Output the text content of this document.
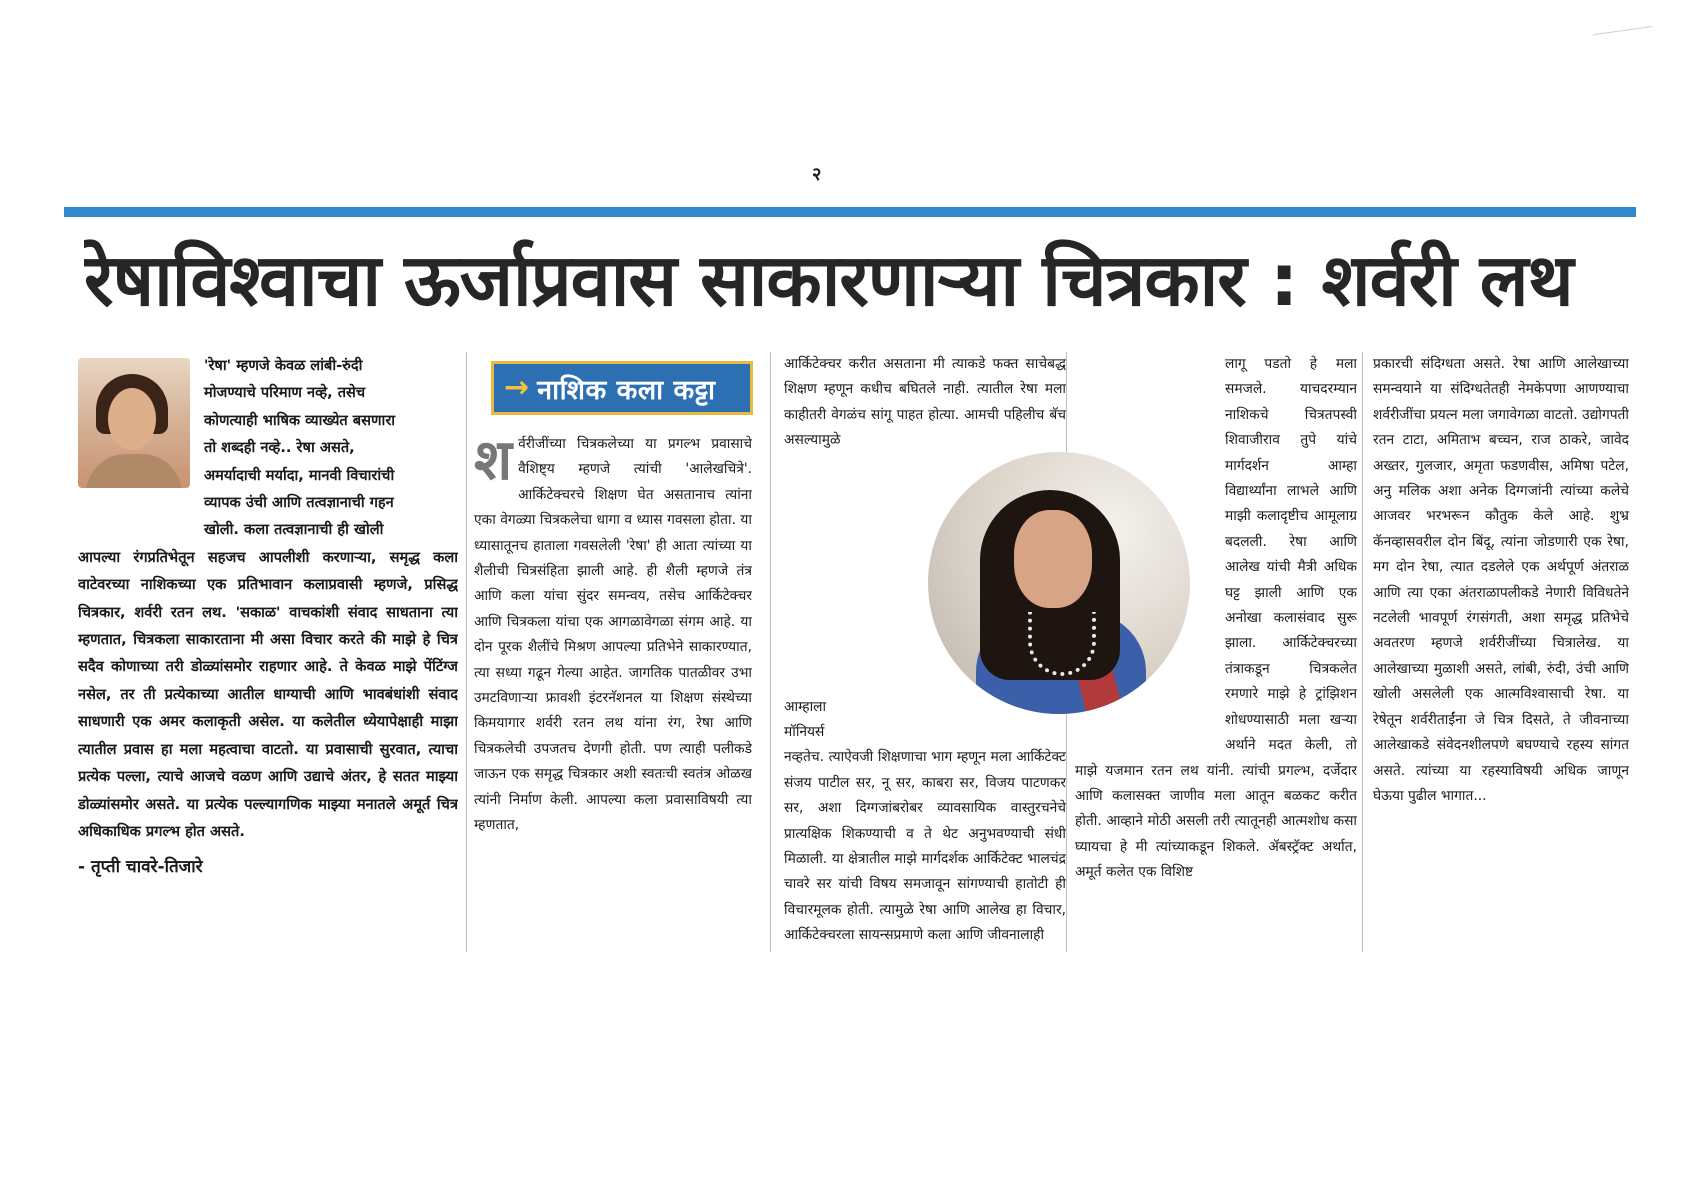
२
रेषाविश्वाचा ऊर्जाप्रवास साकारणाऱ्या चित्रकार : शर्वरी लथ
'रेषा' म्हणजे केवळ लांबी-रुंदी
मोजण्याचे परिमाण नव्हे, तसेच
कोणत्याही भाषिक व्याख्येत बसणारा
तो शब्दही नव्हे.. रेषा असते,
अमर्यादाची मर्यादा, मानवी विचारांची
व्यापक उंची आणि तत्वज्ञानाची गहन
खोली. कला तत्वज्ञानाची ही खोली

आपल्या रंगप्रतिभेतून सहजच आपलीशी करणाऱ्या, समृद्ध कला वाटेवरच्या नाशिकच्या एक प्रतिभावान कलाप्रवासी म्हणजे, प्रसिद्ध चित्रकार, शर्वरी रतन लथ. 'सकाळ' वाचकांशी संवाद साधताना त्या म्हणतात, चित्रकला साकारताना मी असा विचार करते की माझे हे चित्र सदैव कोणाच्या तरी डोळ्यांसमोर राहणार आहे. ते केवळ माझे पेंटिंग्ज नसेल, तर ती प्रत्येकाच्या आतील धाग्याची आणि भावबंधांशी संवाद साधणारी एक अमर कलाकृती असेल. या कलेतील ध्येयापेक्षाही माझा त्यातील प्रवास हा मला महत्वाचा वाटतो. या प्रवासाची सुरवात, त्याचा प्रत्येक पल्ला, त्याचे आजचे वळण आणि उद्याचे अंतर, हे सतत माझ्या डोळ्यांसमोर असते. या प्रत्येक पल्ल्यागणिक माझ्या मनातले अमूर्त चित्र अधिकाधिक प्रगल्भ होत असते.

- तृप्ती चावरे-तिजारे
→ नाशिक कला कट्टा

शर्वरीजींच्या चित्रकलेच्या या प्रगल्भ प्रवासाचे वैशिष्ट्य म्हणजे त्यांची 'आलेखचित्रे'. आर्किटेक्चरचे शिक्षण घेत असतानाच त्यांना एका वेगळ्या चित्रकलेचा धागा व ध्यास गवसला होता. या ध्यासातूनच हाताला गवसलेली 'रेषा' ही आता त्यांच्या या शैलीची चित्रसंहिता झाली आहे. ही शैली म्हणजे तंत्र आणि कला यांचा सुंदर समन्वय, तसेच आर्किटेक्चर आणि चित्रकला यांचा एक आगळावेगळा संगम आहे. या दोन पूरक शैलींचे मिश्रण आपल्या प्रतिभेने साकारण्यात, त्या सध्या गढून गेल्या आहेत. जागतिक पातळीवर उभा उमटविणाऱ्या फ्रावशी इंटरनॅशनल या शिक्षण संस्थेच्या किमयागार शर्वरी रतन लथ यांना रंग, रेषा आणि चित्रकलेची उपजतच देणगी होती. पण त्याही पलीकडे जाऊन एक समृद्ध चित्रकार अशी स्वतःची स्वतंत्र ओळख त्यांनी निर्माण केली. आपल्या कला प्रवासाविषयी त्या म्हणतात,

आर्किटेक्चर करीत असताना मी त्याकडे फक्त साचेबद्ध शिक्षण म्हणून कधीच बघितले नाही. त्यातील रेषा मला काहीतरी वेगळंच सांगू पाहत होत्या. आमची पहिलीच बॅच असल्यामुळे आम्हाला मॉनियर्स नव्हतेच. त्याऐवजी शिक्षणाचा भाग म्हणून मला आर्किटेक्ट संजय पाटील सर, नू सर, काबरा सर, विजय पाटणकर सर, अशा दिग्गजांबरोबर व्यावसायिक वास्तुरचनेचे प्रात्यक्षिक शिकण्याची व ते थेट अनुभवण्याची संधी मिळाली. या क्षेत्रातील माझे मार्गदर्शक आर्किटेक्ट भालचंद्र चावरे सर यांची विषय समजावून सांगण्याची हातोटी ही विचारमूलक होती. त्यामुळे रेषा आणि आलेख हा विचार, आर्किटेक्चरला सायन्सप्रमाणे कला आणि जीवनालाही

लागू पडतो हे मला समजले. याचदरम्यान नाशिकचे चित्रतपस्वी शिवाजीराव तुपे यांचे मार्गदर्शन आम्हा विद्यार्थ्यांना लाभले आणि माझी कलादृष्टीच आमूलाग्र बदलली. रेषा आणि आलेख यांची मैत्री अधिक घट्ट झाली आणि एक अनोखा कलासंवाद सुरू झाला. आर्किटेक्चरच्या तंत्राकडून चित्रकलेत रमणारे माझे हे ट्रांझिशन शोधण्यासाठी मला खऱ्या अर्थाने मदत केली, तो माझे यजमान रतन लथ यांनी. त्यांची प्रगल्भ, दर्जेदार आणि कलासक्त जाणीव मला आतून बळकट करीत होती. आव्हाने मोठी असली तरी त्यातूनही आत्मशोध कसा घ्यायचा हे मी त्यांच्याकडून शिकले. ॲबस्ट्रॅक्ट अर्थात, अमूर्त कलेत एक विशिष्ट

प्रकारची संदिग्धता असते. रेषा आणि आलेखाच्या समन्वयाने या संदिग्धतेतही नेमकेपणा आणण्याचा शर्वरीजींचा प्रयत्न मला जगावेगळा वाटतो. उद्योगपती रतन टाटा, अमिताभ बच्चन, राज ठाकरे, जावेद अख्तर, गुलजार, अमृता फडणवीस, अमिषा पटेल, अनु मलिक अशा अनेक दिग्गजांनी त्यांच्या कलेचे आजवर भरभरून कौतुक केले आहे. शुभ्र कॅनव्हासवरील दोन बिंदू, त्यांना जोडणारी एक रेषा, मग दोन रेषा, त्यात दडलेले एक अर्थपूर्ण अंतराळ आणि त्या एका अंतराळापलीकडे नेणारी विविधतेने नटलेली भावपूर्ण रंगसंगती, अशा समृद्ध प्रतिभेचे अवतरण म्हणजे शर्वरीजींच्या चित्रालेख. या आलेखाच्या मुळाशी असते, लांबी, रुंदी, उंची आणि खोली असलेली एक आत्मविश्वासाची रेषा. या रेषेतून शर्वरीताईंना जे चित्र दिसते, ते जीवनाच्या आलेखाकडे संवेदनशीलपणे बघण्याचे रहस्य सांगत असते. त्यांच्या या रहस्याविषयी अधिक जाणून घेऊया पुढील भागात...
